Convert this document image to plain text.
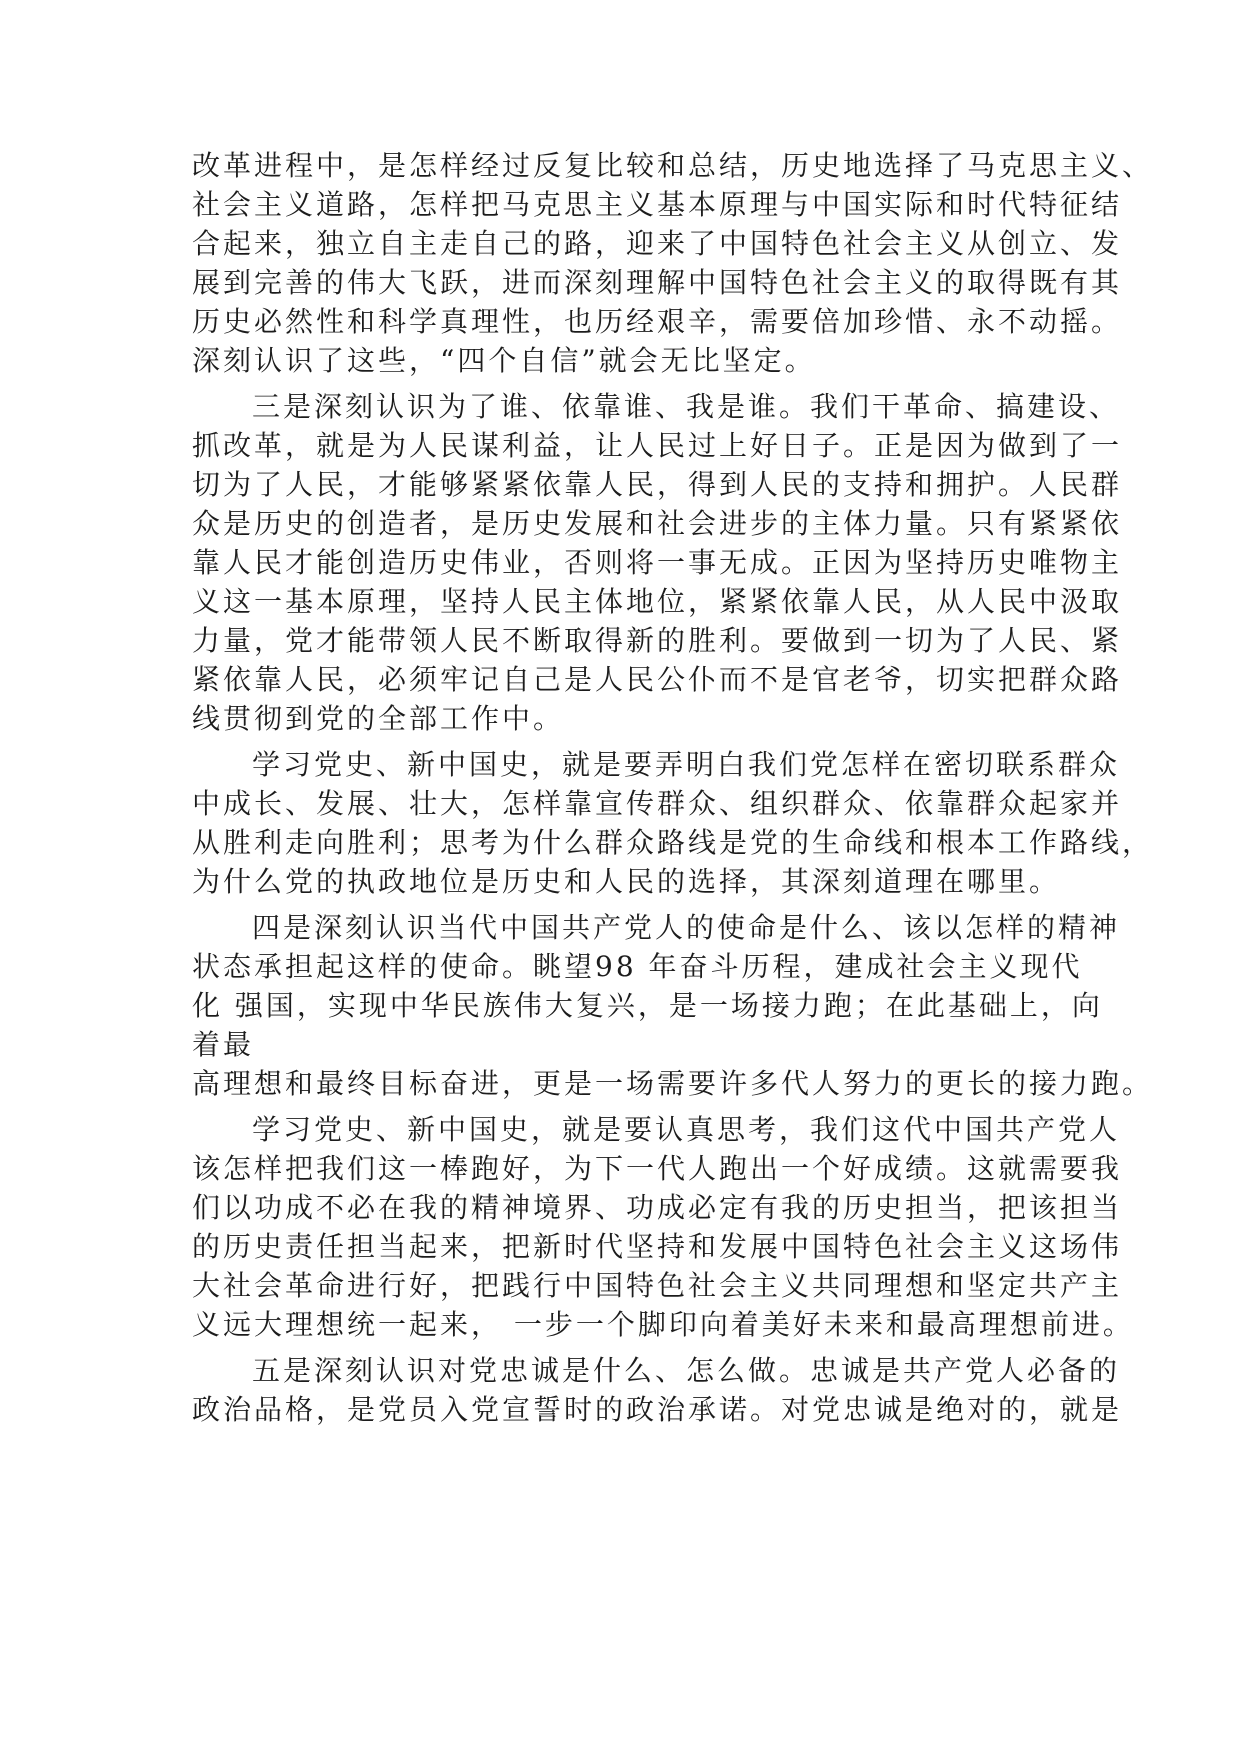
改革进程中，是怎样经过反复比较和总结，历史地选择了马克思主义、
社会主义道路，怎样把马克思主义基本原理与中国实际和时代特征结
合起来，独立自主走自己的路，迎来了中国特色社会主义从创立、发
展到完善的伟大飞跃，进而深刻理解中国特色社会主义的取得既有其
历史必然性和科学真理性，也历经艰辛，需要倍加珍惜、永不动摇。
深刻认识了这些，“四个自信”就会无比坚定。
三是深刻认识为了谁、依靠谁、我是谁。我们干革命、搞建设、
抓改革，就是为人民谋利益，让人民过上好日子。正是因为做到了一
切为了人民，才能够紧紧依靠人民，得到人民的支持和拥护。人民群
众是历史的创造者，是历史发展和社会进步的主体力量。只有紧紧依
靠人民才能创造历史伟业，否则将一事无成。正因为坚持历史唯物主
义这一基本原理，坚持人民主体地位，紧紧依靠人民，从人民中汲取
力量，党才能带领人民不断取得新的胜利。要做到一切为了人民、紧
紧依靠人民，必须牢记自己是人民公仆而不是官老爷，切实把群众路
线贯彻到党的全部工作中。
学习党史、新中国史，就是要弄明白我们党怎样在密切联系群众
中成长、发展、壮大，怎样靠宣传群众、组织群众、依靠群众起家并
从胜利走向胜利；思考为什么群众路线是党的生命线和根本工作路线，
为什么党的执政地位是历史和人民的选择，其深刻道理在哪里。
四是深刻认识当代中国共产党人的使命是什么、该以怎样的精神
状态承担起这样的使命。眺望98 年奋斗历程，建成社会主义现代
化 强国，实现中华民族伟大复兴，是一场接力跑；在此基础上，向
着最
高理想和最终目标奋进，更是一场需要许多代人努力的更长的接力跑。
学习党史、新中国史，就是要认真思考，我们这代中国共产党人
该怎样把我们这一棒跑好，为下一代人跑出一个好成绩。这就需要我
们以功成不必在我的精神境界、功成必定有我的历史担当，把该担当
的历史责任担当起来，把新时代坚持和发展中国特色社会主义这场伟
大社会革命进行好，把践行中国特色社会主义共同理想和坚定共产主
义远大理想统一起来， 一步一个脚印向着美好未来和最高理想前进。
五是深刻认识对党忠诚是什么、怎么做。忠诚是共产党人必备的
政治品格，是党员入党宣誓时的政治承诺。对党忠诚是绝对的，就是
